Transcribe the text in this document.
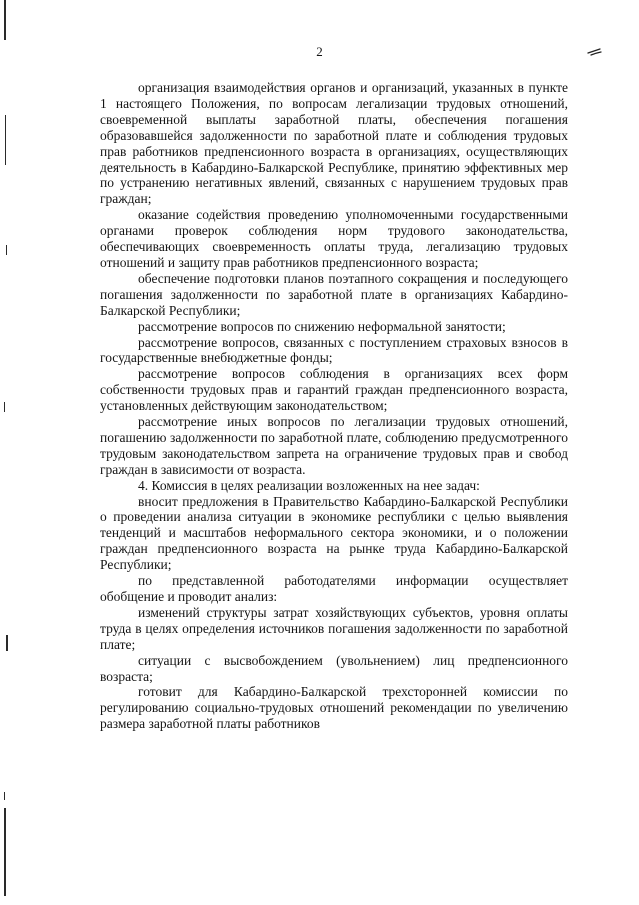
2

организация взаимодействия органов и организаций, указанных в пункте 1 настоящего Положения, по вопросам легализации трудовых отношений, своевременной выплаты заработной платы, обеспечения погашения образовавшейся задолженности по заработной плате и соблюдения трудовых прав работников предпенсионного возраста в организациях, осуществляющих деятельность в Кабардино-Балкарской Республике, принятию эффективных мер по устранению негативных явлений, связанных с нарушением трудовых прав граждан;

оказание содействия проведению уполномоченными государственными органами проверок соблюдения норм трудового законодательства, обеспечивающих своевременность оплаты труда, легализацию трудовых отношений и защиту прав работников предпенсионного возраста;

обеспечение подготовки планов поэтапного сокращения и последующего погашения задолженности по заработной плате в организациях Кабардино-Балкарской Республики;

рассмотрение вопросов по снижению неформальной занятости;

рассмотрение вопросов, связанных с поступлением страховых взносов в государственные внебюджетные фонды;

рассмотрение вопросов соблюдения в организациях всех форм собственности трудовых прав и гарантий граждан предпенсионного возраста, установленных действующим законодательством;

рассмотрение иных вопросов по легализации трудовых отношений, погашению задолженности по заработной плате, соблюдению предусмотренного трудовым законодательством запрета на ограничение трудовых прав и свобод граждан в зависимости от возраста.

4. Комиссия в целях реализации возложенных на нее задач:

вносит предложения в Правительство Кабардино-Балкарской Республики о проведении анализа ситуации в экономике республики с целью выявления тенденций и масштабов неформального сектора экономики, и о положении граждан предпенсионного возраста на рынке труда Кабардино-Балкарской Республики;

по представленной работодателями информации осуществляет обобщение и проводит анализ:

изменений структуры затрат хозяйствующих субъектов, уровня оплаты труда в целях определения источников погашения задолженности по заработной плате;

ситуации с высвобождением (увольнением) лиц предпенсионного возраста;

готовит для Кабардино-Балкарской трехсторонней комиссии по регулированию социально-трудовых отношений рекомендации по увеличению размера заработной платы работников
